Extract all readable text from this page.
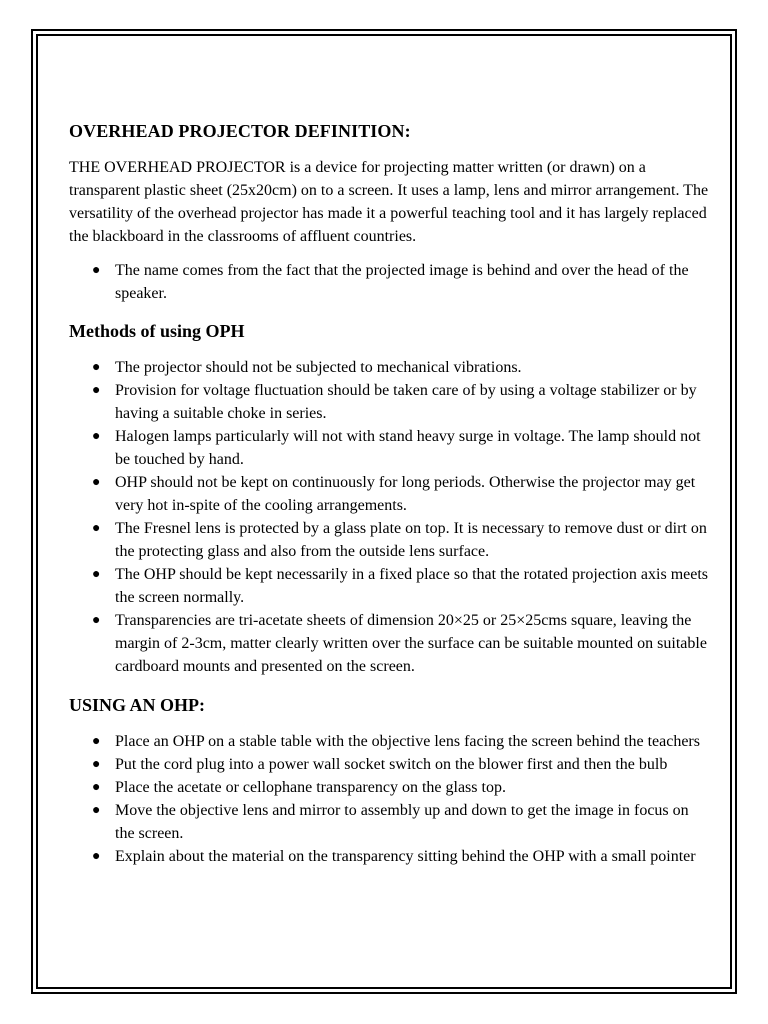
OVERHEAD PROJECTOR DEFINITION:

THE OVERHEAD PROJECTOR is a device for projecting matter written (or drawn) on a transparent plastic sheet (25x20cm) on to a screen. It uses a lamp, lens and mirror arrangement. The versatility of the overhead projector has made it a powerful teaching tool and it has largely replaced the blackboard in the classrooms of affluent countries.

● The name comes from the fact that the projected image is behind and over the head of the speaker.
Methods of using OPH
● The projector should not be subjected to mechanical vibrations.
● Provision for voltage fluctuation should be taken care of by using a voltage stabilizer or by having a suitable choke in series.
● Halogen lamps particularly will not with stand heavy surge in voltage. The lamp should not be touched by hand.
● OHP should not be kept on continuously for long periods. Otherwise the projector may get very hot in-spite of the cooling arrangements.
● The Fresnel lens is protected by a glass plate on top. It is necessary to remove dust or dirt on the protecting glass and also from the outside lens surface.
● The OHP should be kept necessarily in a fixed place so that the rotated projection axis meets the screen normally.
● Transparencies are tri-acetate sheets of dimension 20×25 or 25×25cms square, leaving the margin of 2-3cm, matter clearly written over the surface can be suitable mounted on suitable cardboard mounts and presented on the screen.
USING AN OHP:
● Place an OHP on a stable table with the objective lens facing the screen behind the teachers
● Put the cord plug into a power wall socket switch on the blower first and then the bulb
● Place the acetate or cellophane transparency on the glass top.
● Move the objective lens and mirror to assembly up and down to get the image in focus on the screen.
● Explain about the material on the transparency sitting behind the OHP with a small pointer
